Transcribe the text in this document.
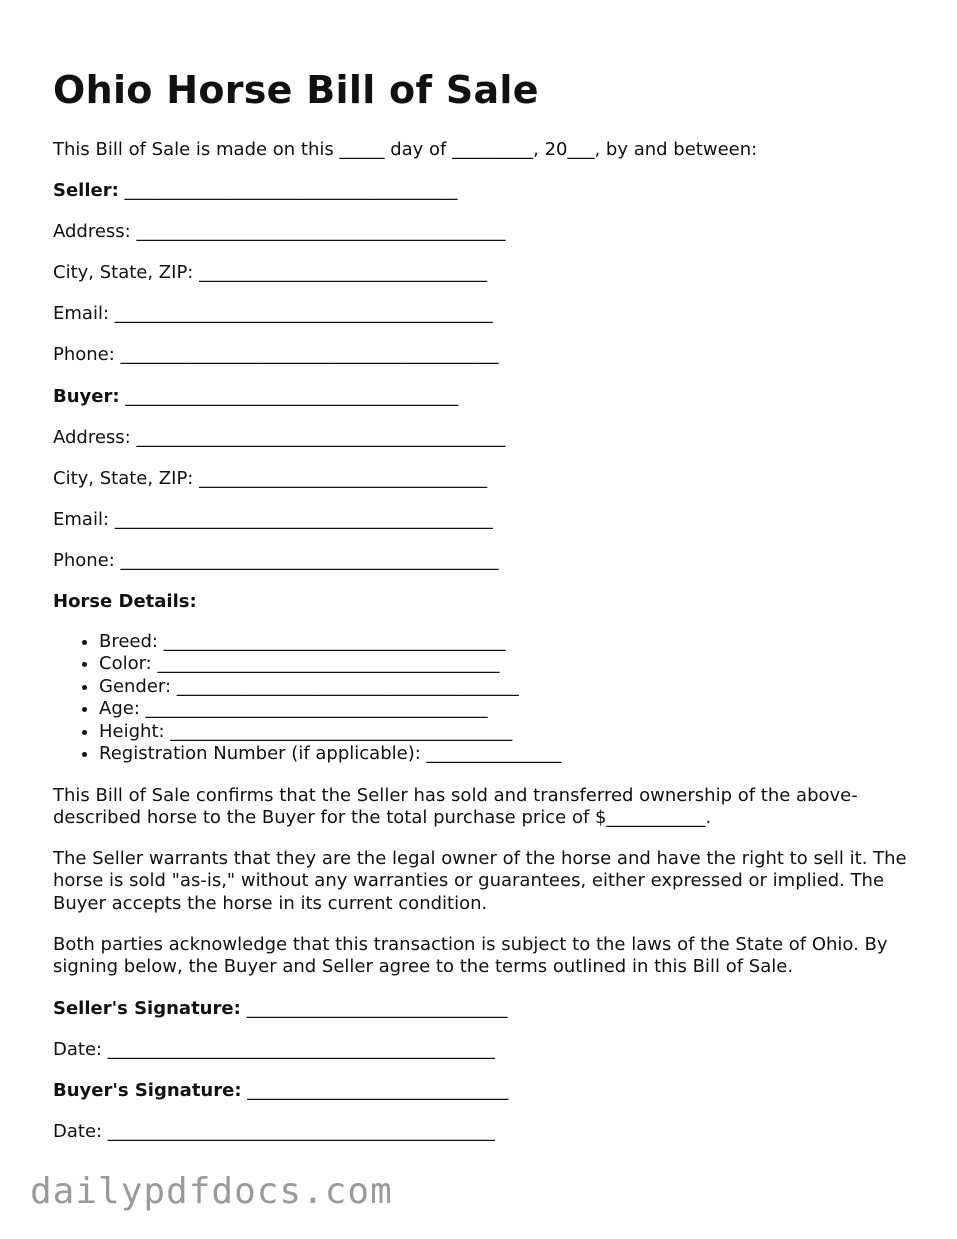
Ohio Horse Bill of Sale

This Bill of Sale is made on this _____ day of _________, 20___, by and between:

Seller: _____________________________________

Address: _________________________________________

City, State, ZIP: ________________________________

Email: __________________________________________

Phone: __________________________________________

Buyer: _____________________________________

Address: _________________________________________

City, State, ZIP: ________________________________

Email: __________________________________________

Phone: __________________________________________

Horse Details:

• Breed: ______________________________________
• Color: ______________________________________
• Gender: ______________________________________
• Age: ______________________________________
• Height: ______________________________________
• Registration Number (if applicable): _______________

This Bill of Sale confirms that the Seller has sold and transferred ownership of the above-described horse to the Buyer for the total purchase price of $___________.

The Seller warrants that they are the legal owner of the horse and have the right to sell it. The horse is sold "as-is," without any warranties or guarantees, either expressed or implied. The Buyer accepts the horse in its current condition.

Both parties acknowledge that this transaction is subject to the laws of the State of Ohio. By signing below, the Buyer and Seller agree to the terms outlined in this Bill of Sale.

Seller's Signature: _____________________________

Date: ___________________________________________

Buyer's Signature: _____________________________

Date: ___________________________________________

dailypdfdocs.com
